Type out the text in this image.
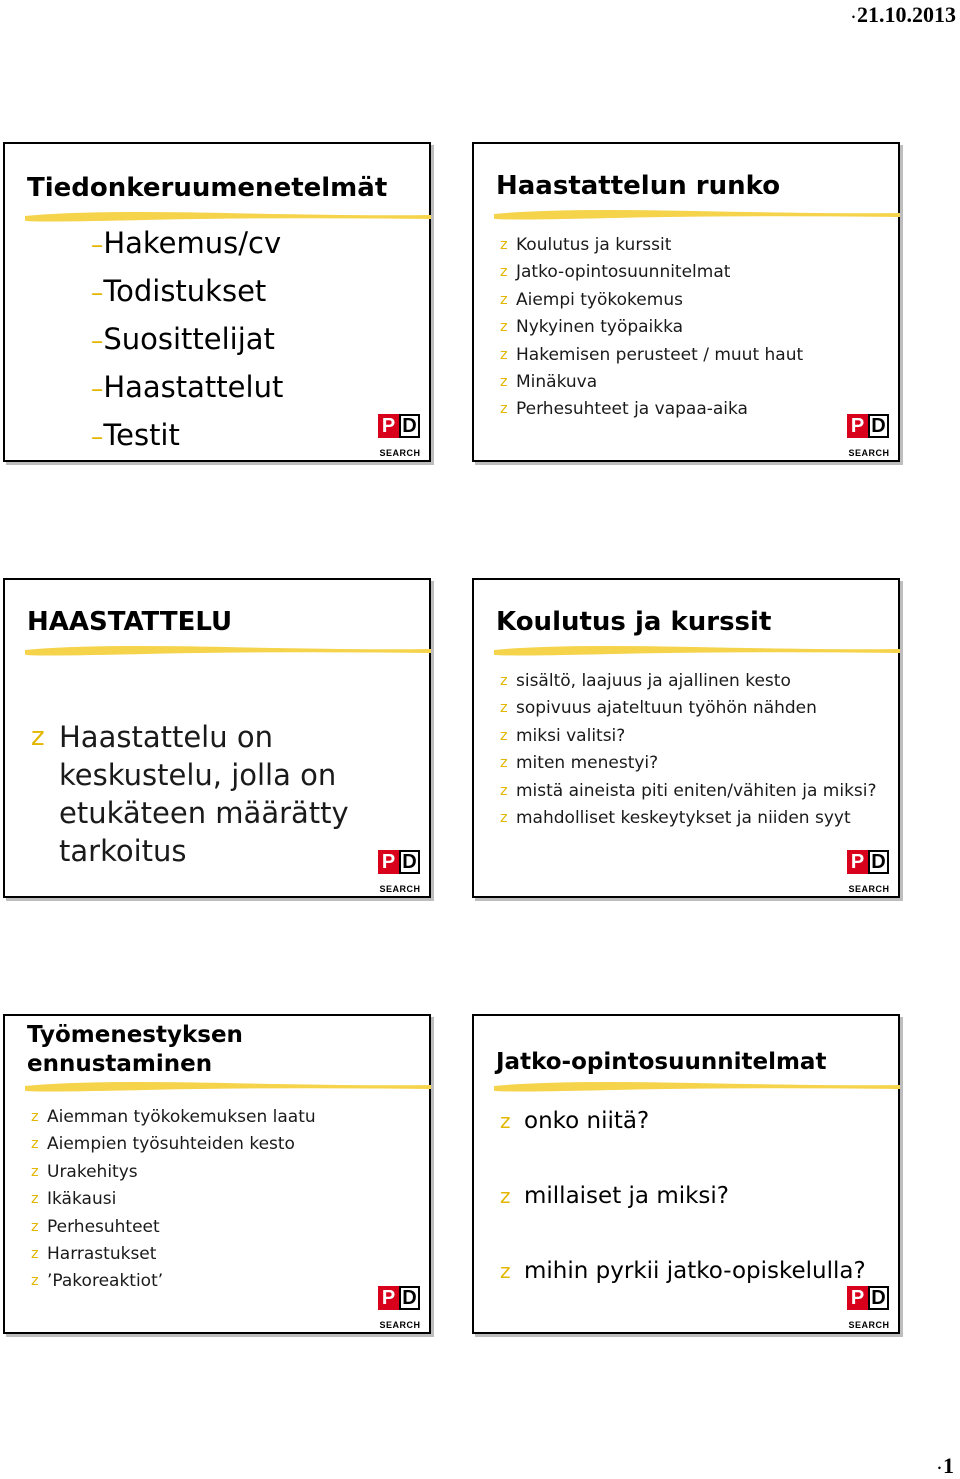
•21.10.2013
Tiedonkeruumenetelmät
–Hakemus/cv
–Todistukset
–Suosittelijat
–Haastattelut
–Testit	P D
SEARCH
Haastattelun runko
z Koulutus ja kurssit
z Jatko-opintosuunnitelmat
z Aiempi työkokemus
z Nykyinen työpaikka
z Hakemisen perusteet / muut haut
z Minäkuva
z Perhesuhteet ja vapaa-aika
P D
SEARCH
HAASTATTELU
z Haastattelu on keskustelu, jolla on etukäteen määrätty tarkoitus	P D
SEARCH
Koulutus ja kurssit
z sisältö, laajuus ja ajallinen kesto
z sopivuus ajateltuun työhön nähden
z miksi valitsi?
z miten menestyi?
z mistä aineista piti eniten/vähiten ja miksi?
z mahdolliset keskeytykset ja niiden syyt
P D
SEARCH
Työmenestyksen ennustaminen
z Aiemman työkokemuksen laatu
z Aiempien työsuhteiden kesto
z Urakehitys
z Ikäkausi
z Perhesuhteet
z Harrastukset
z ’Pakoreaktiot’
P D
SEARCH
Jatko-opintosuunnitelmat
z onko niitä?
z millaiset ja miksi?
z mihin pyrkii jatko-opiskelulla?
P D
SEARCH
•1
